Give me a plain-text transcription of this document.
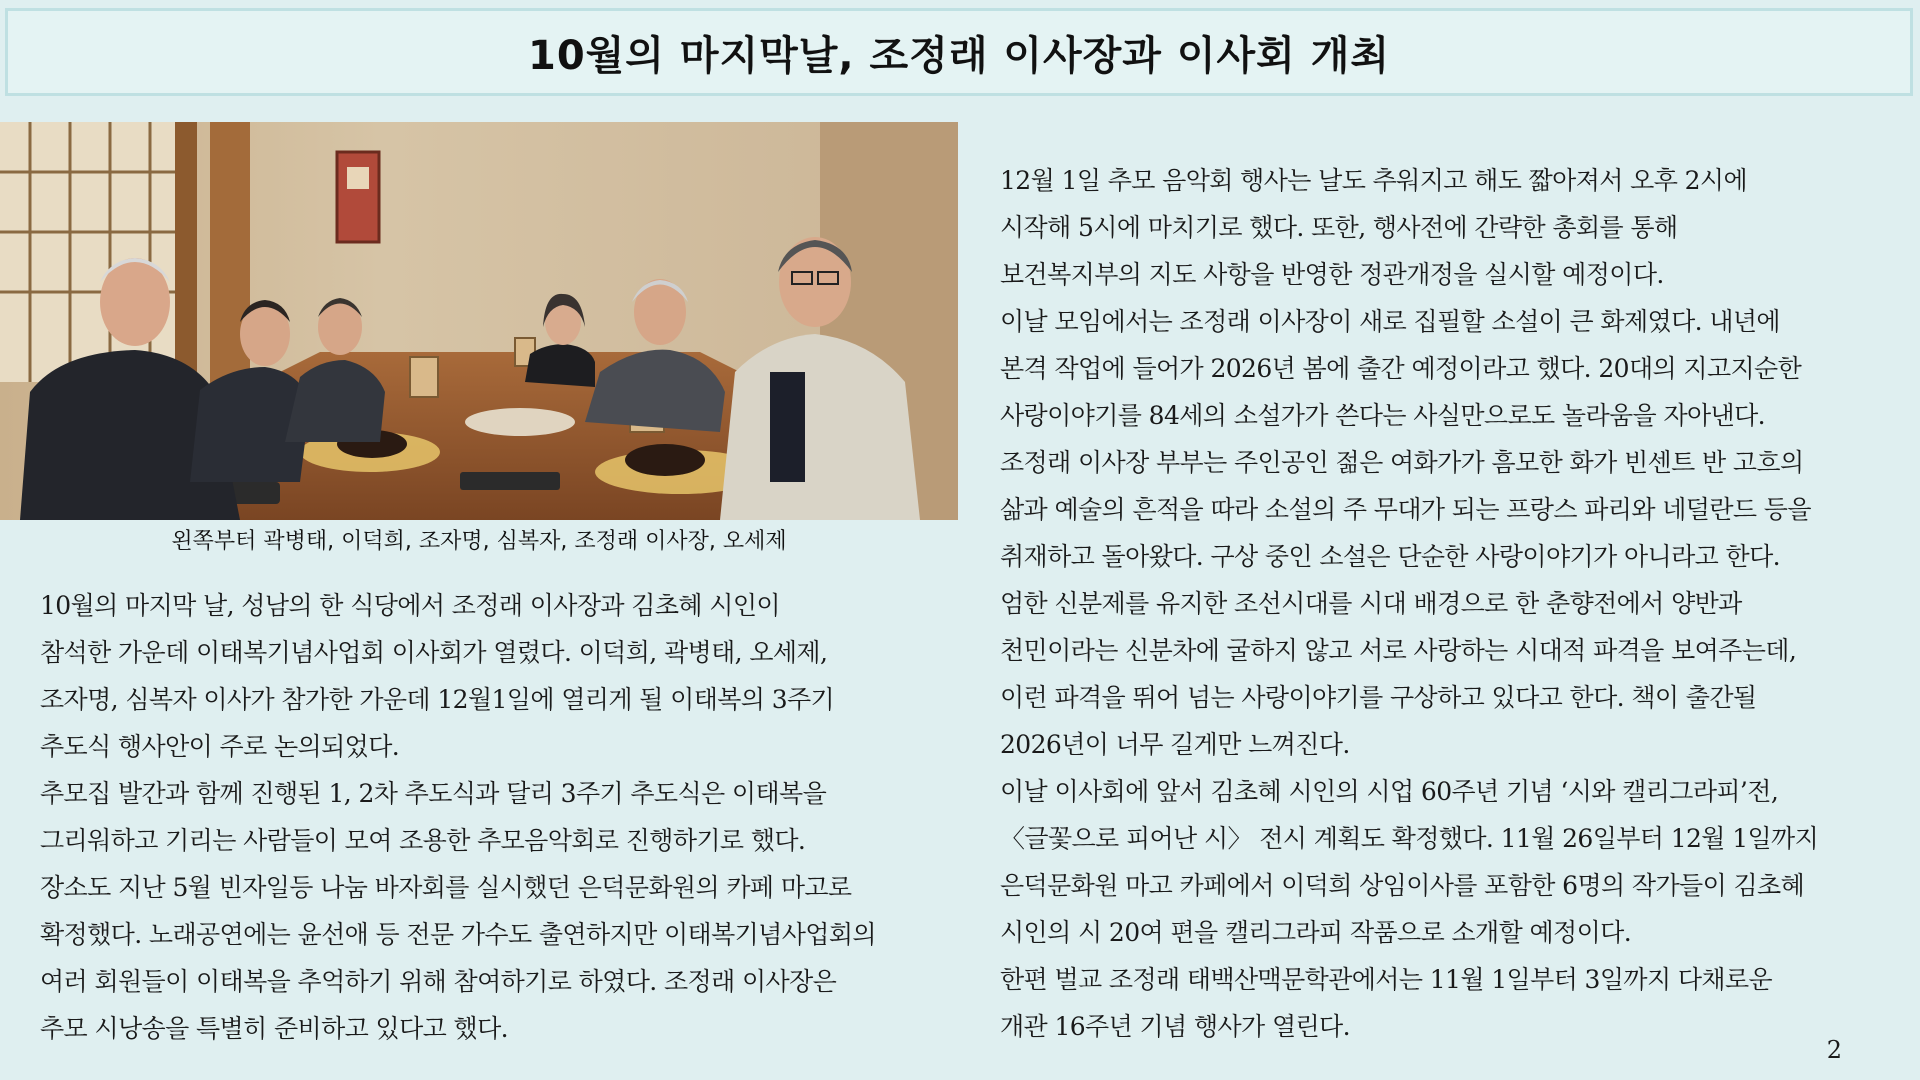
10월의 마지막날, 조정래 이사장과 이사회 개최
왼쪽부터 곽병태, 이덕희, 조자명, 심복자, 조정래 이사장, 오세제

10월의 마지막 날, 성남의 한 식당에서 조정래 이사장과 김초혜 시인이

참석한 가운데 이태복기념사업회 이사회가 열렸다. 이덕희, 곽병태, 오세제,

조자명, 심복자 이사가 참가한 가운데 12월1일에 열리게 될 이태복의 3주기

추도식 행사안이 주로 논의되었다.

추모집 발간과 함께 진행된 1, 2차 추도식과 달리 3주기 추도식은 이태복을

그리워하고 기리는 사람들이 모여 조용한 추모음악회로 진행하기로 했다.

장소도 지난 5월 빈자일등 나눔 바자회를 실시했던 은덕문화원의 카페 마고로

확정했다. 노래공연에는 윤선애 등 전문 가수도 출연하지만 이태복기념사업회의

여러 회원들이 이태복을 추억하기 위해 참여하기로 하였다. 조정래 이사장은

추모 시낭송을 특별히 준비하고 있다고 했다.

12월 1일 추모 음악회 행사는 날도 추워지고 해도 짧아져서 오후 2시에

시작해 5시에 마치기로 했다. 또한, 행사전에 간략한 총회를 통해

보건복지부의 지도 사항을 반영한 정관개정을 실시할 예정이다.

이날 모임에서는 조정래 이사장이 새로 집필할 소설이 큰 화제였다. 내년에

본격 작업에 들어가 2026년 봄에 출간 예정이라고 했다. 20대의 지고지순한

사랑이야기를 84세의 소설가가 쓴다는 사실만으로도 놀라움을 자아낸다.

조정래 이사장 부부는 주인공인 젊은 여화가가 흠모한 화가 빈센트 반 고흐의

삶과 예술의 흔적을 따라 소설의 주 무대가 되는 프랑스 파리와 네덜란드 등을

취재하고 돌아왔다. 구상 중인 소설은 단순한 사랑이야기가 아니라고 한다.

엄한 신분제를 유지한 조선시대를 시대 배경으로 한 춘향전에서 양반과

천민이라는 신분차에 굴하지 않고 서로 사랑하는 시대적 파격을 보여주는데,

이런 파격을 뛰어 넘는 사랑이야기를 구상하고 있다고 한다. 책이 출간될

2026년이 너무 길게만 느껴진다.

이날 이사회에 앞서 김초혜 시인의 시업 60주년 기념 ‘시와 캘리그라피’전,

〈글꽃으로 피어난 시〉 전시 계획도 확정했다. 11월 26일부터 12월 1일까지

은덕문화원 마고 카페에서 이덕희 상임이사를 포함한 6명의 작가들이 김초혜

시인의 시 20여 편을 캘리그라피 작품으로 소개할 예정이다.

한편 벌교 조정래 태백산맥문학관에서는 11월 1일부터 3일까지 다채로운

개관 16주년 기념 행사가 열린다.

2
